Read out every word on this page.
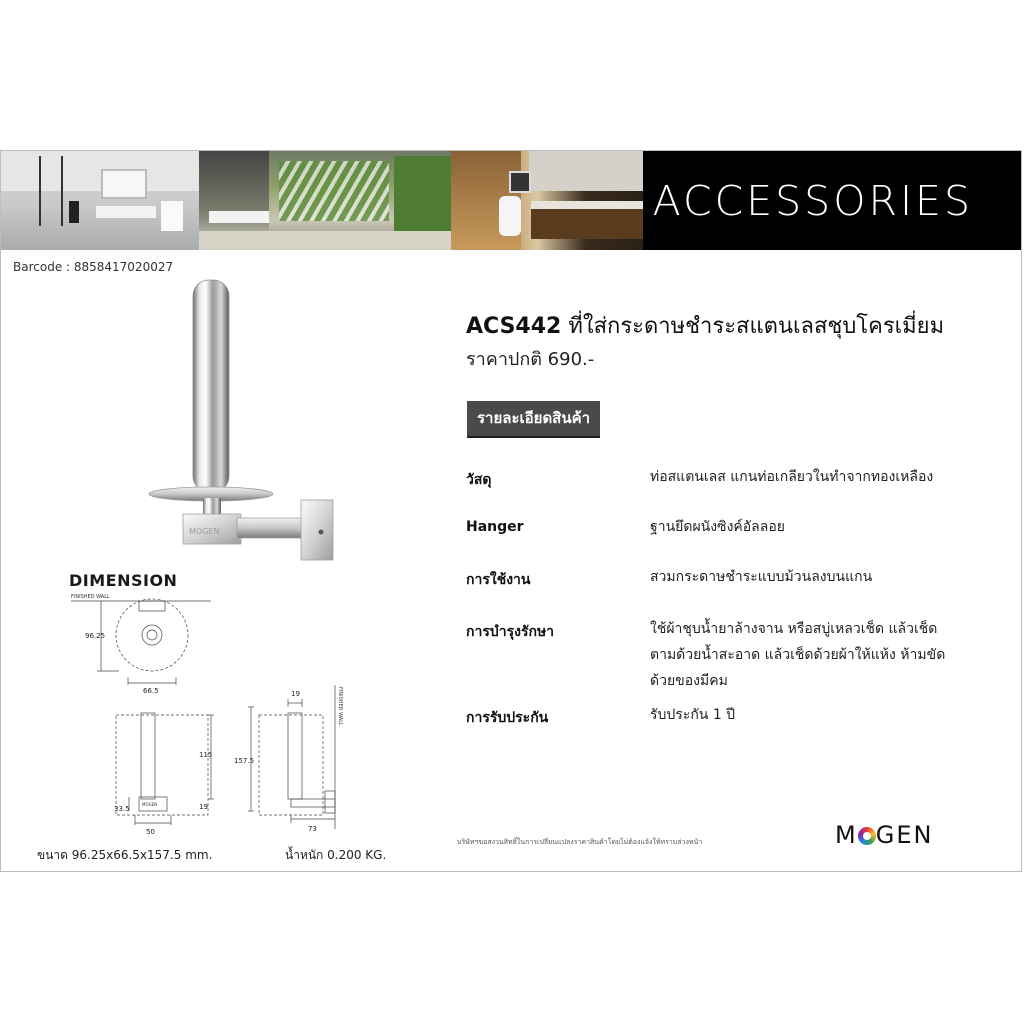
ACCESSORIES
Barcode : 8858417020027
MOGEN
ACS442 ที่ใส่กระดาษชำระสแตนเลสชุบโครเมี่ยม
ราคาปกติ 690.-
รายละเอียดสินค้า
วัสดุ	ท่อสแตนเลส แกนท่อเกลียวในทำจากทองเหลือง
Hanger	ฐานยึดผนังซิงค์อัลลอย
การใช้งาน	สวมกระดาษชำระแบบม้วนลงบนแกน
การบำรุงรักษา	ใช้ผ้าชุบน้ำยาล้างจาน หรือสบู่เหลวเช็ด แล้วเช็ดตามด้วยน้ำสะอาด แล้วเช็ดด้วยผ้าให้แห้ง ห้ามขัดด้วยของมีคม
การรับประกัน	รับประกัน 1 ปี
DIMENSION
FINISHED WALL
96.25
66.5
115
19
33.5
50
MOGEN
157.5
19
73
FINISHED WALL
ขนาด 96.25x66.5x157.5 mm.	น้ำหนัก 0.200 KG.
บริษัทฯขอสงวนสิทธิ์ในการเปลี่ยนแปลงราคาสินค้าโดยไม่ต้องแจ้งให้ทราบล่วงหน้า	M GEN
